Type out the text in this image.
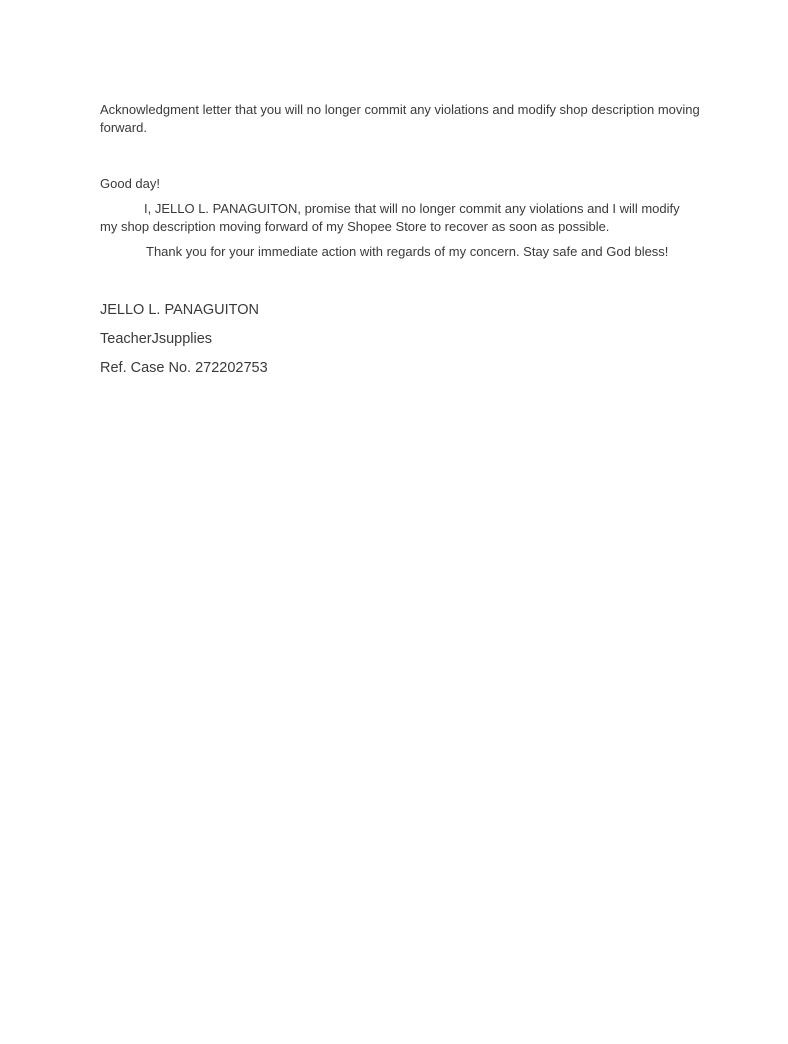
Acknowledgment letter that you will no longer commit any violations and modify shop description moving forward.

Good day!

I, JELLO L. PANAGUITON, promise that will no longer commit any violations and I will modify my shop description moving forward of my Shopee Store to recover as soon as possible.

Thank you for your immediate action with regards of my concern. Stay safe and God bless!

JELLO L. PANAGUITON

TeacherJsupplies

Ref. Case No. 272202753
